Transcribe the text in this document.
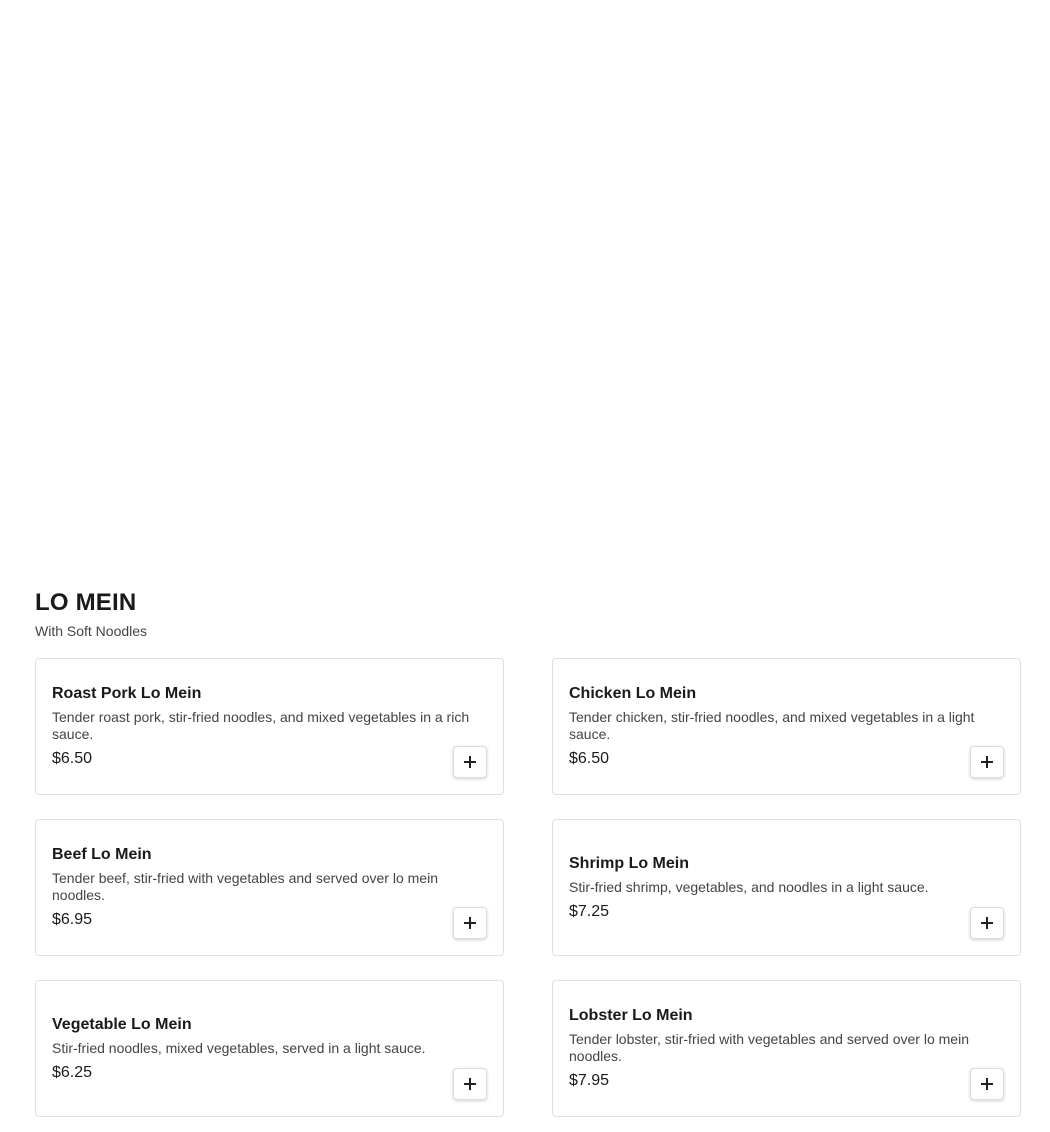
LO MEIN
With Soft Noodles
Roast Pork Lo Mein
Tender roast pork, stir-fried noodles, and mixed vegetables in a rich sauce.
$6.50
Chicken Lo Mein
Tender chicken, stir-fried noodles, and mixed vegetables in a light sauce.
$6.50
Beef Lo Mein
Tender beef, stir-fried with vegetables and served over lo mein noodles.
$6.95
Shrimp Lo Mein
Stir-fried shrimp, vegetables, and noodles in a light sauce.
$7.25
Vegetable Lo Mein
Stir-fried noodles, mixed vegetables, served in a light sauce.
$6.25
Lobster Lo Mein
Tender lobster, stir-fried with vegetables and served over lo mein noodles.
$7.95
